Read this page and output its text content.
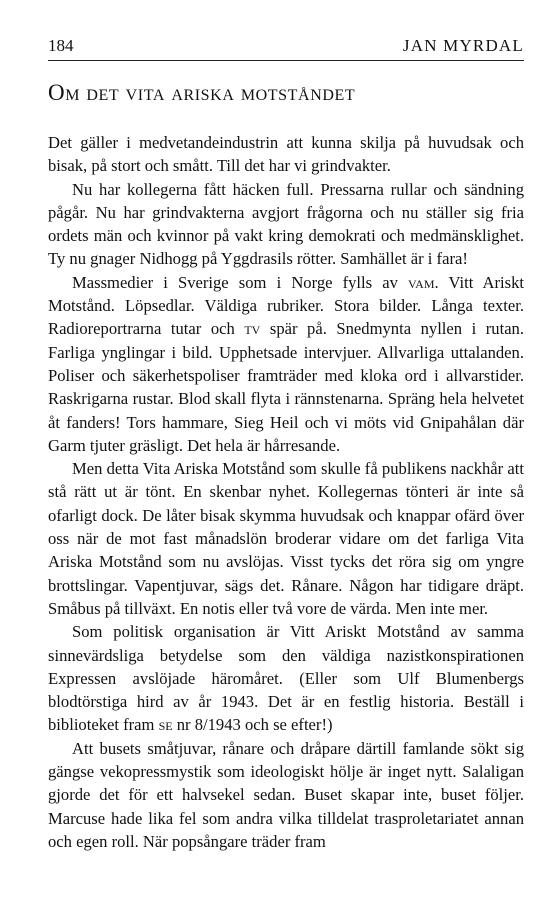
184	JAN MYRDAL
Om det vita ariska motståndet

Det gäller i medvetandeindustrin att kunna skilja på huvudsak och bisak, på stort och smått. Till det har vi grindvakter.

Nu har kollegerna fått häcken full. Pressarna rullar och sändning pågår. Nu har grindvakterna avgjort frågorna och nu ställer sig fria ordets män och kvinnor på vakt kring demokrati och medmänsklighet. Ty nu gnager Nidhogg på Yggdrasils rötter. Samhället är i fara!

Massmedier i Sverige som i Norge fylls av vam. Vitt Ariskt Motstånd. Löpsedlar. Väldiga rubriker. Stora bilder. Långa texter. Radioreportrarna tutar och tv spär på. Snedmynta nyllen i rutan. Farliga ynglingar i bild. Upphetsade intervjuer. Allvarliga uttalanden. Poliser och säkerhetspoliser framträder med kloka ord i allvarstider. Raskrigarna rustar. Blod skall flyta i rännstenarna. Spräng hela helvetet åt fanders! Tors hammare, Sieg Heil och vi möts vid Gnipahålan där Garm tjuter gräsligt. Det hela är hårresande.

Men detta Vita Ariska Motstånd som skulle få publikens nackhår att stå rätt ut är tönt. En skenbar nyhet. Kollegernas tönteri är inte så ofarligt dock. De låter bisak skymma huvudsak och knappar ofärd över oss när de mot fast månadslön broderar vidare om det farliga Vita Ariska Motstånd som nu avslöjas. Visst tycks det röra sig om yngre brottslingar. Vapentjuvar, sägs det. Rånare. Någon har tidigare dräpt. Småbus på tillväxt. En notis eller två vore de värda. Men inte mer.

Som politisk organisation är Vitt Ariskt Motstånd av samma sinnevärdsliga betydelse som den väldiga nazistkonspirationen Expressen avslöjade häromåret. (Eller som Ulf Blumenbergs blodtörstiga hird av år 1943. Det är en festlig historia. Beställ i biblioteket fram se nr 8/1943 och se efter!)

Att busets småtjuvar, rånare och dråpare därtill famlande sökt sig gängse vekopressmystik som ideologiskt hölje är inget nytt. Salaligan gjorde det för ett halvsekel sedan. Buset skapar inte, buset följer. Marcuse hade lika fel som andra vilka tilldelat trasproletariatet annan och egen roll. När popsångare träder fram
